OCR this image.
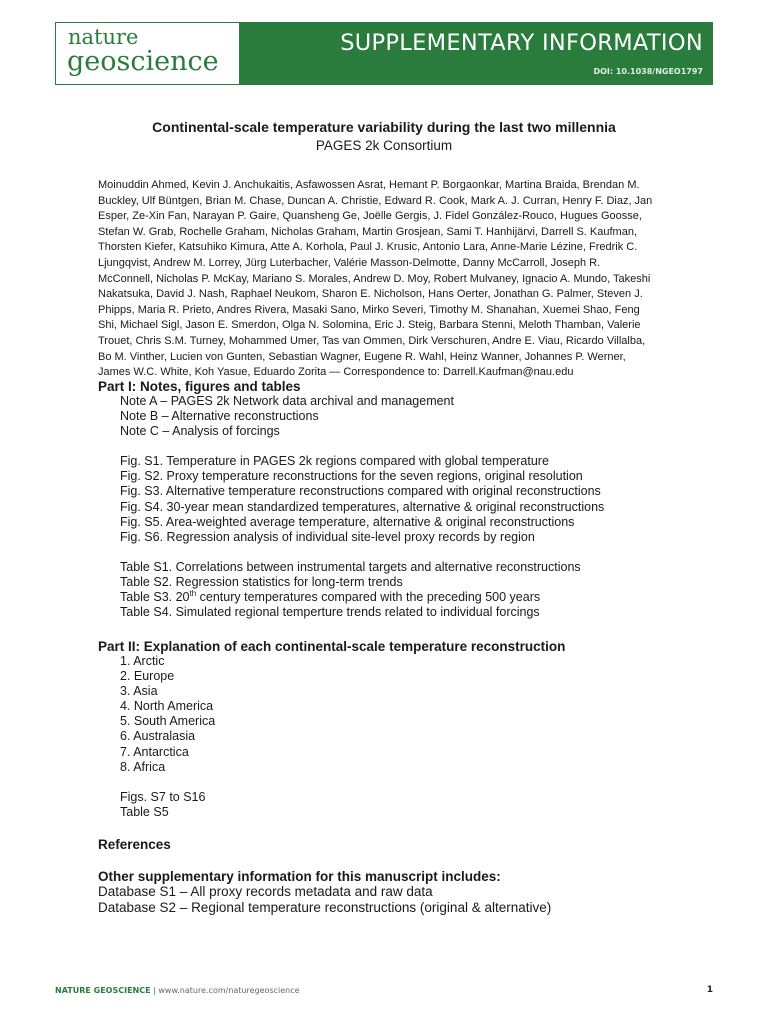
nature
geoscience
SUPPLEMENTARY INFORMATION
DOI: 10.1038/NGEO1797
Continental-scale temperature variability during the last two millennia
PAGES 2k Consortium

Moinuddin Ahmed, Kevin J. Anchukaitis, Asfawossen Asrat, Hemant P. Borgaonkar, Martina Braida, Brendan M. Buckley, Ulf Büntgen, Brian M. Chase, Duncan A. Christie, Edward R. Cook, Mark A. J. Curran, Henry F. Diaz, Jan Esper, Ze-Xin Fan, Narayan P. Gaire, Quansheng Ge, Joëlle Gergis, J. Fidel González-Rouco, Hugues Goosse, Stefan W. Grab, Rochelle Graham, Nicholas Graham, Martin Grosjean, Sami T. Hanhijärvi, Darrell S. Kaufman, Thorsten Kiefer, Katsuhiko Kimura, Atte A. Korhola, Paul J. Krusic, Antonio Lara, Anne-Marie Lézine, Fredrik C. Ljungqvist, Andrew M. Lorrey, Jürg Luterbacher, Valérie Masson-Delmotte, Danny McCarroll, Joseph R. McConnell, Nicholas P. McKay, Mariano S. Morales, Andrew D. Moy, Robert Mulvaney, Ignacio A. Mundo, Takeshi Nakatsuka, David J. Nash, Raphael Neukom, Sharon E. Nicholson, Hans Oerter, Jonathan G. Palmer, Steven J. Phipps, Maria R. Prieto, Andres Rivera, Masaki Sano, Mirko Severi, Timothy M. Shanahan, Xuemei Shao, Feng Shi, Michael Sigl, Jason E. Smerdon, Olga N. Solomina, Eric J. Steig, Barbara Stenni, Meloth Thamban, Valerie Trouet, Chris S.M. Turney, Mohammed Umer, Tas van Ommen, Dirk Verschuren, Andre E. Viau, Ricardo Villalba, Bo M. Vinther, Lucien von Gunten, Sebastian Wagner, Eugene R. Wahl, Heinz Wanner, Johannes P. Werner, James W.C. White, Koh Yasue, Eduardo Zorita — Correspondence to: Darrell.Kaufman@nau.edu

Part I: Notes, figures and tables
Note A – PAGES 2k Network data archival and management
Note B – Alternative reconstructions
Note C – Analysis of forcings
Fig. S1. Temperature in PAGES 2k regions compared with global temperature
Fig. S2. Proxy temperature reconstructions for the seven regions, original resolution
Fig. S3. Alternative temperature reconstructions compared with original reconstructions
Fig. S4. 30-year mean standardized temperatures, alternative & original reconstructions
Fig. S5. Area-weighted average temperature, alternative & original reconstructions
Fig. S6. Regression analysis of individual site-level proxy records by region
Table S1. Correlations between instrumental targets and alternative reconstructions
Table S2. Regression statistics for long-term trends
Table S3. 20th century temperatures compared with the preceding 500 years
Table S4. Simulated regional temperture trends related to individual forcings
Part II: Explanation of each continental-scale temperature reconstruction
1. Arctic
2. Europe
3. Asia
4. North America
5. South America
6. Australasia
7. Antarctica
8. Africa
Figs. S7 to S16
Table S5
References
Other supplementary information for this manuscript includes:
Database S1 – All proxy records metadata and raw data
Database S2 – Regional temperature reconstructions (original & alternative)
NATURE GEOSCIENCE | www.nature.com/naturegeoscience	1
